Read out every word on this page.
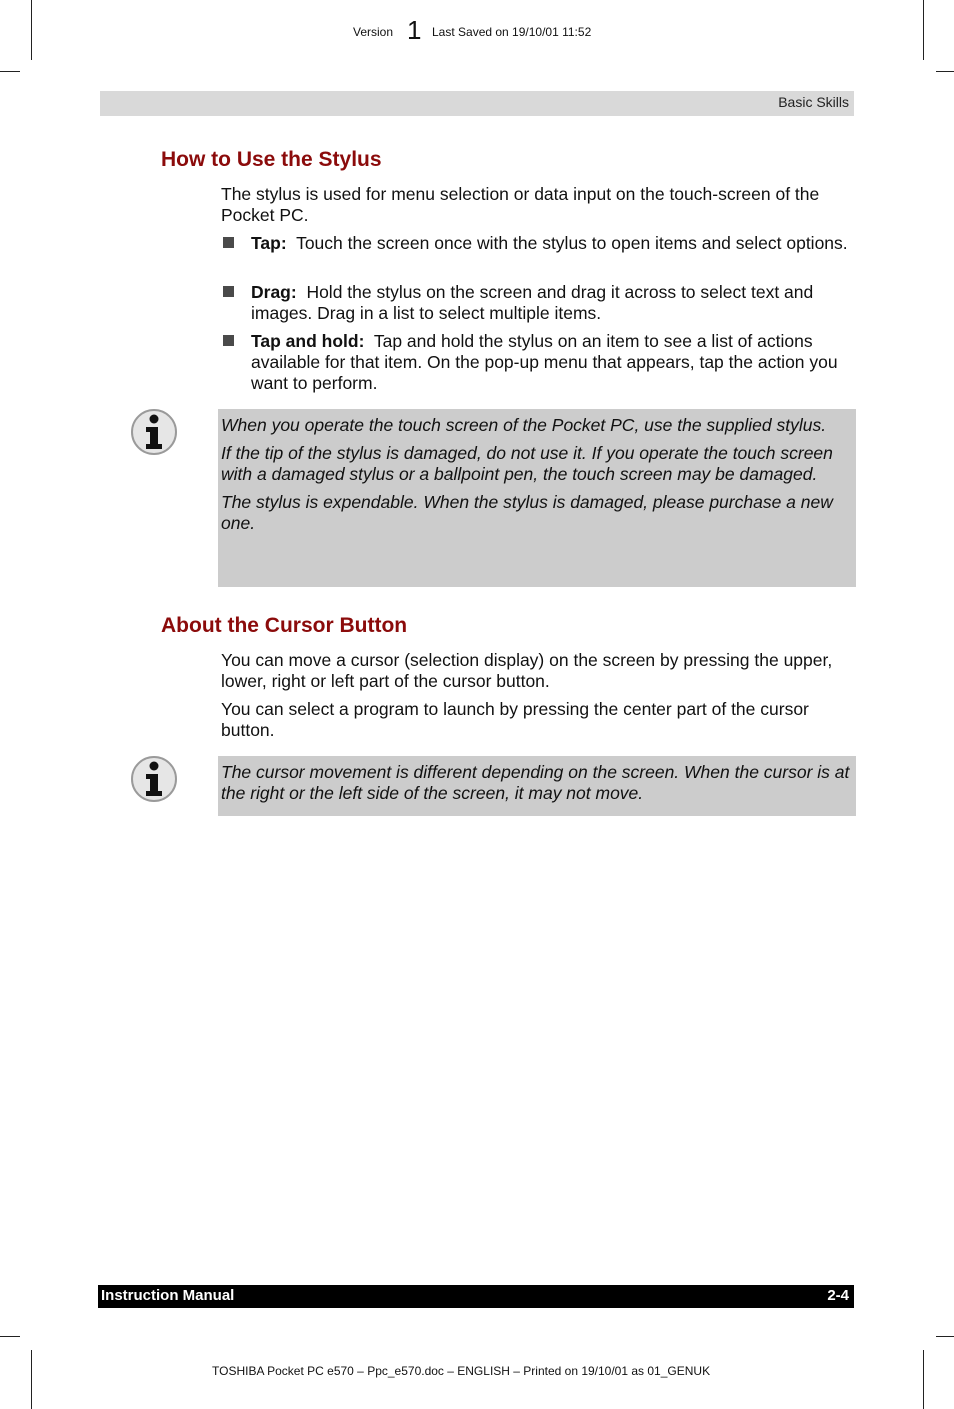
Version 1 Last Saved on 19/10/01 11:52
Basic Skills
How to Use the Stylus

The stylus is used for menu selection or data input on the touch-screen of the Pocket PC.

Tap: Touch the screen once with the stylus to open items and select options.
Drag: Hold the stylus on the screen and drag it across to select text and images. Drag in a list to select multiple items.
Tap and hold: Tap and hold the stylus on an item to see a list of actions available for that item. On the pop-up menu that appears, tap the action you want to perform.

When you operate the touch screen of the Pocket PC, use the supplied stylus.

If the tip of the stylus is damaged, do not use it. If you operate the touch screen with a damaged stylus or a ballpoint pen, the touch screen may be damaged.

The stylus is expendable. When the stylus is damaged, please purchase a new one.

About the Cursor Button

You can move a cursor (selection display) on the screen by pressing the upper, lower, right or left part of the cursor button.

You can select a program to launch by pressing the center part of the cursor button.

The cursor movement is different depending on the screen. When the cursor is at the right or the left side of the screen, it may not move.

Instruction Manual	2-4
TOSHIBA Pocket PC e570 – Ppc_e570.doc – ENGLISH – Printed on 19/10/01 as 01_GENUK
